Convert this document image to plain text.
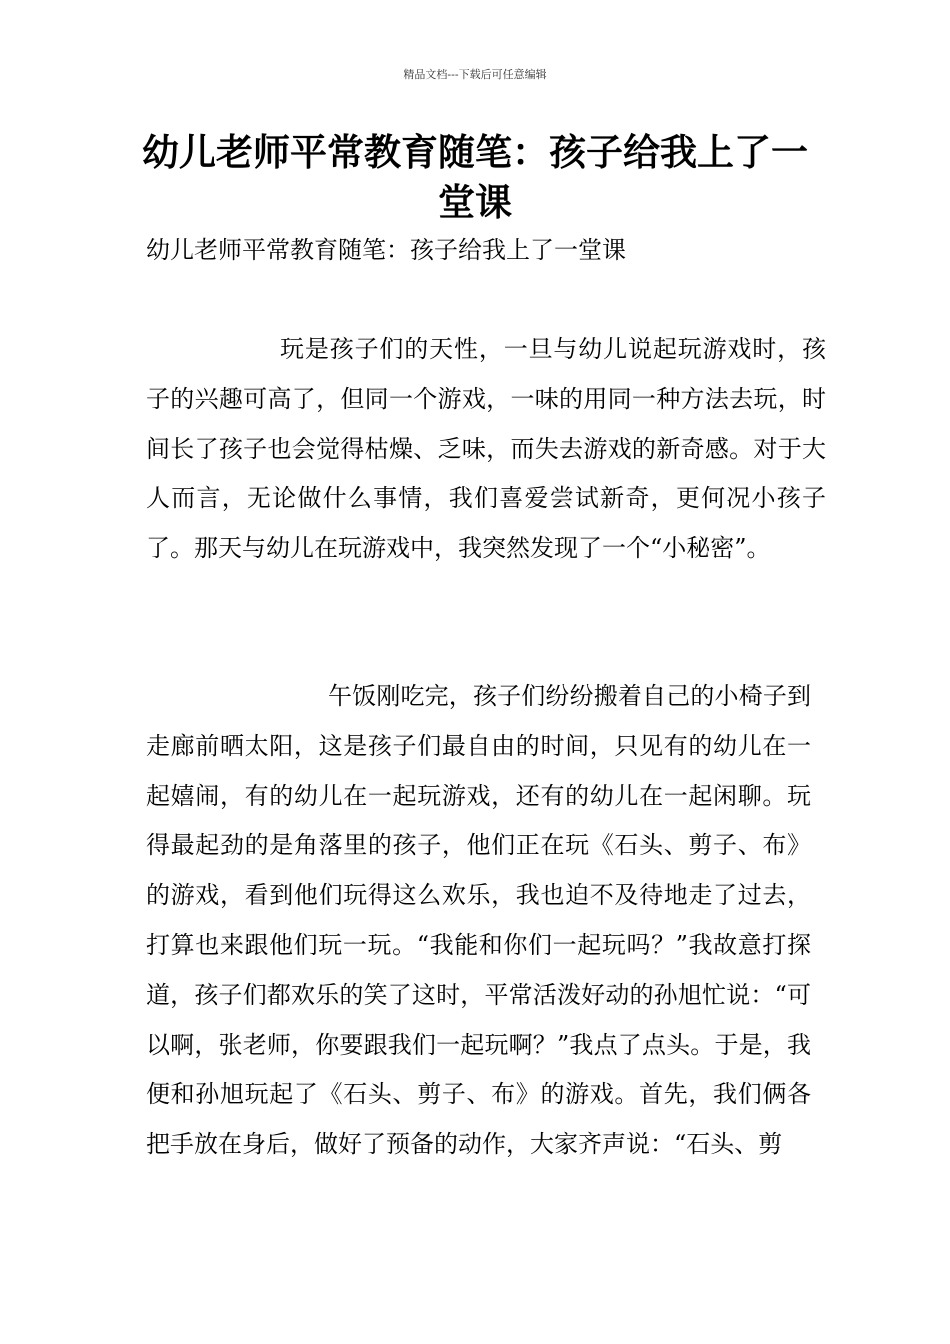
精品文档---下载后可任意编辑
幼儿老师平常教育随笔：孩子给我上了一堂课
幼儿老师平常教育随笔：孩子给我上了一堂课

玩是孩子们的天性，一旦与幼儿说起玩游戏时，孩子的兴趣可高了，但同一个游戏，一味的用同一种方法去玩，时间长了孩子也会觉得枯燥、乏味，而失去游戏的新奇感。对于大人而言，无论做什么事情，我们喜爱尝试新奇，更何况小孩子了。那天与幼儿在玩游戏中，我突然发现了一个“小秘密”。

午饭刚吃完，孩子们纷纷搬着自己的小椅子到走廊前晒太阳，这是孩子们最自由的时间，只见有的幼儿在一起嬉闹，有的幼儿在一起玩游戏，还有的幼儿在一起闲聊。玩得最起劲的是角落里的孩子，他们正在玩《石头、剪子、布》的游戏，看到他们玩得这么欢乐，我也迫不及待地走了过去，打算也来跟他们玩一玩。“我能和你们一起玩吗？”我故意打探道，孩子们都欢乐的笑了这时，平常活泼好动的孙旭忙说：“可以啊，张老师，你要跟我们一起玩啊？”我点了点头。于是，我便和孙旭玩起了《石头、剪子、布》的游戏。首先，我们俩各把手放在身后，做好了预备的动作，大家齐声说：“石头、剪
